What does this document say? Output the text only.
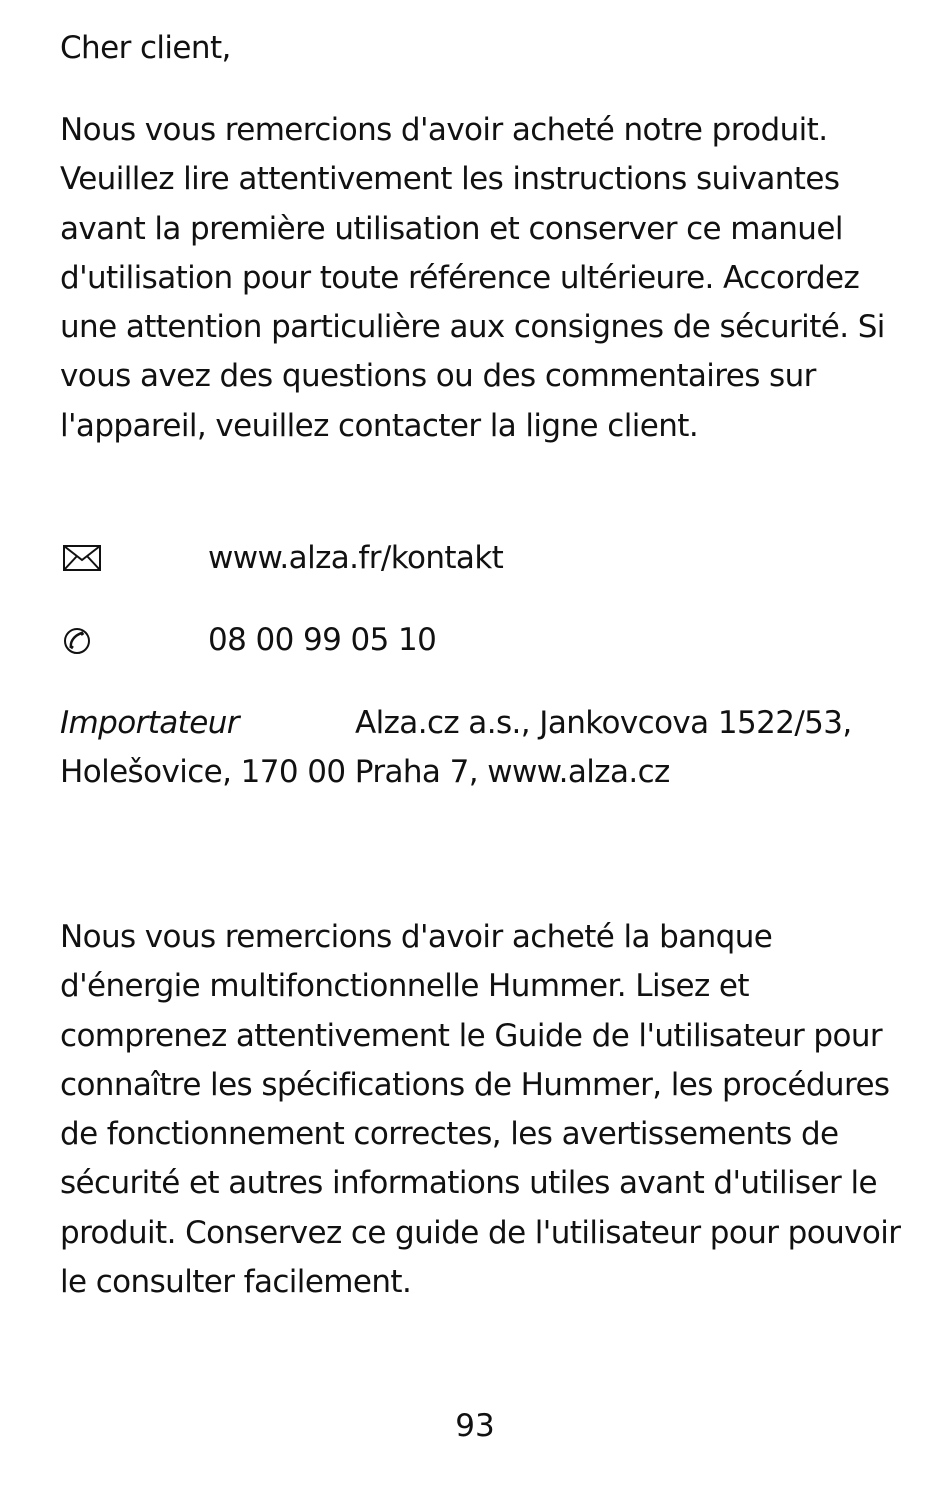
Cher client,

Nous vous remercions d'avoir acheté notre produit. Veuillez lire attentivement les instructions suivantes avant la première utilisation et conserver ce manuel d'utilisation pour toute référence ultérieure. Accordez une attention particulière aux consignes de sécurité. Si vous avez des questions ou des commentaires sur l'appareil, veuillez contacter la ligne client.

www.alza.fr/kontakt
08 00 99 05 10
Importateur	Alza.cz a.s., Jankovcova 1522/53, Holešovice, 170 00 Praha 7, www.alza.cz

Nous vous remercions d'avoir acheté la banque d'énergie multifonctionnelle Hummer. Lisez et comprenez attentivement le Guide de l'utilisateur pour connaître les spécifications de Hummer, les procédures de fonctionnement correctes, les avertissements de sécurité et autres informations utiles avant d'utiliser le produit. Conservez ce guide de l'utilisateur pour pouvoir le consulter facilement.

93
